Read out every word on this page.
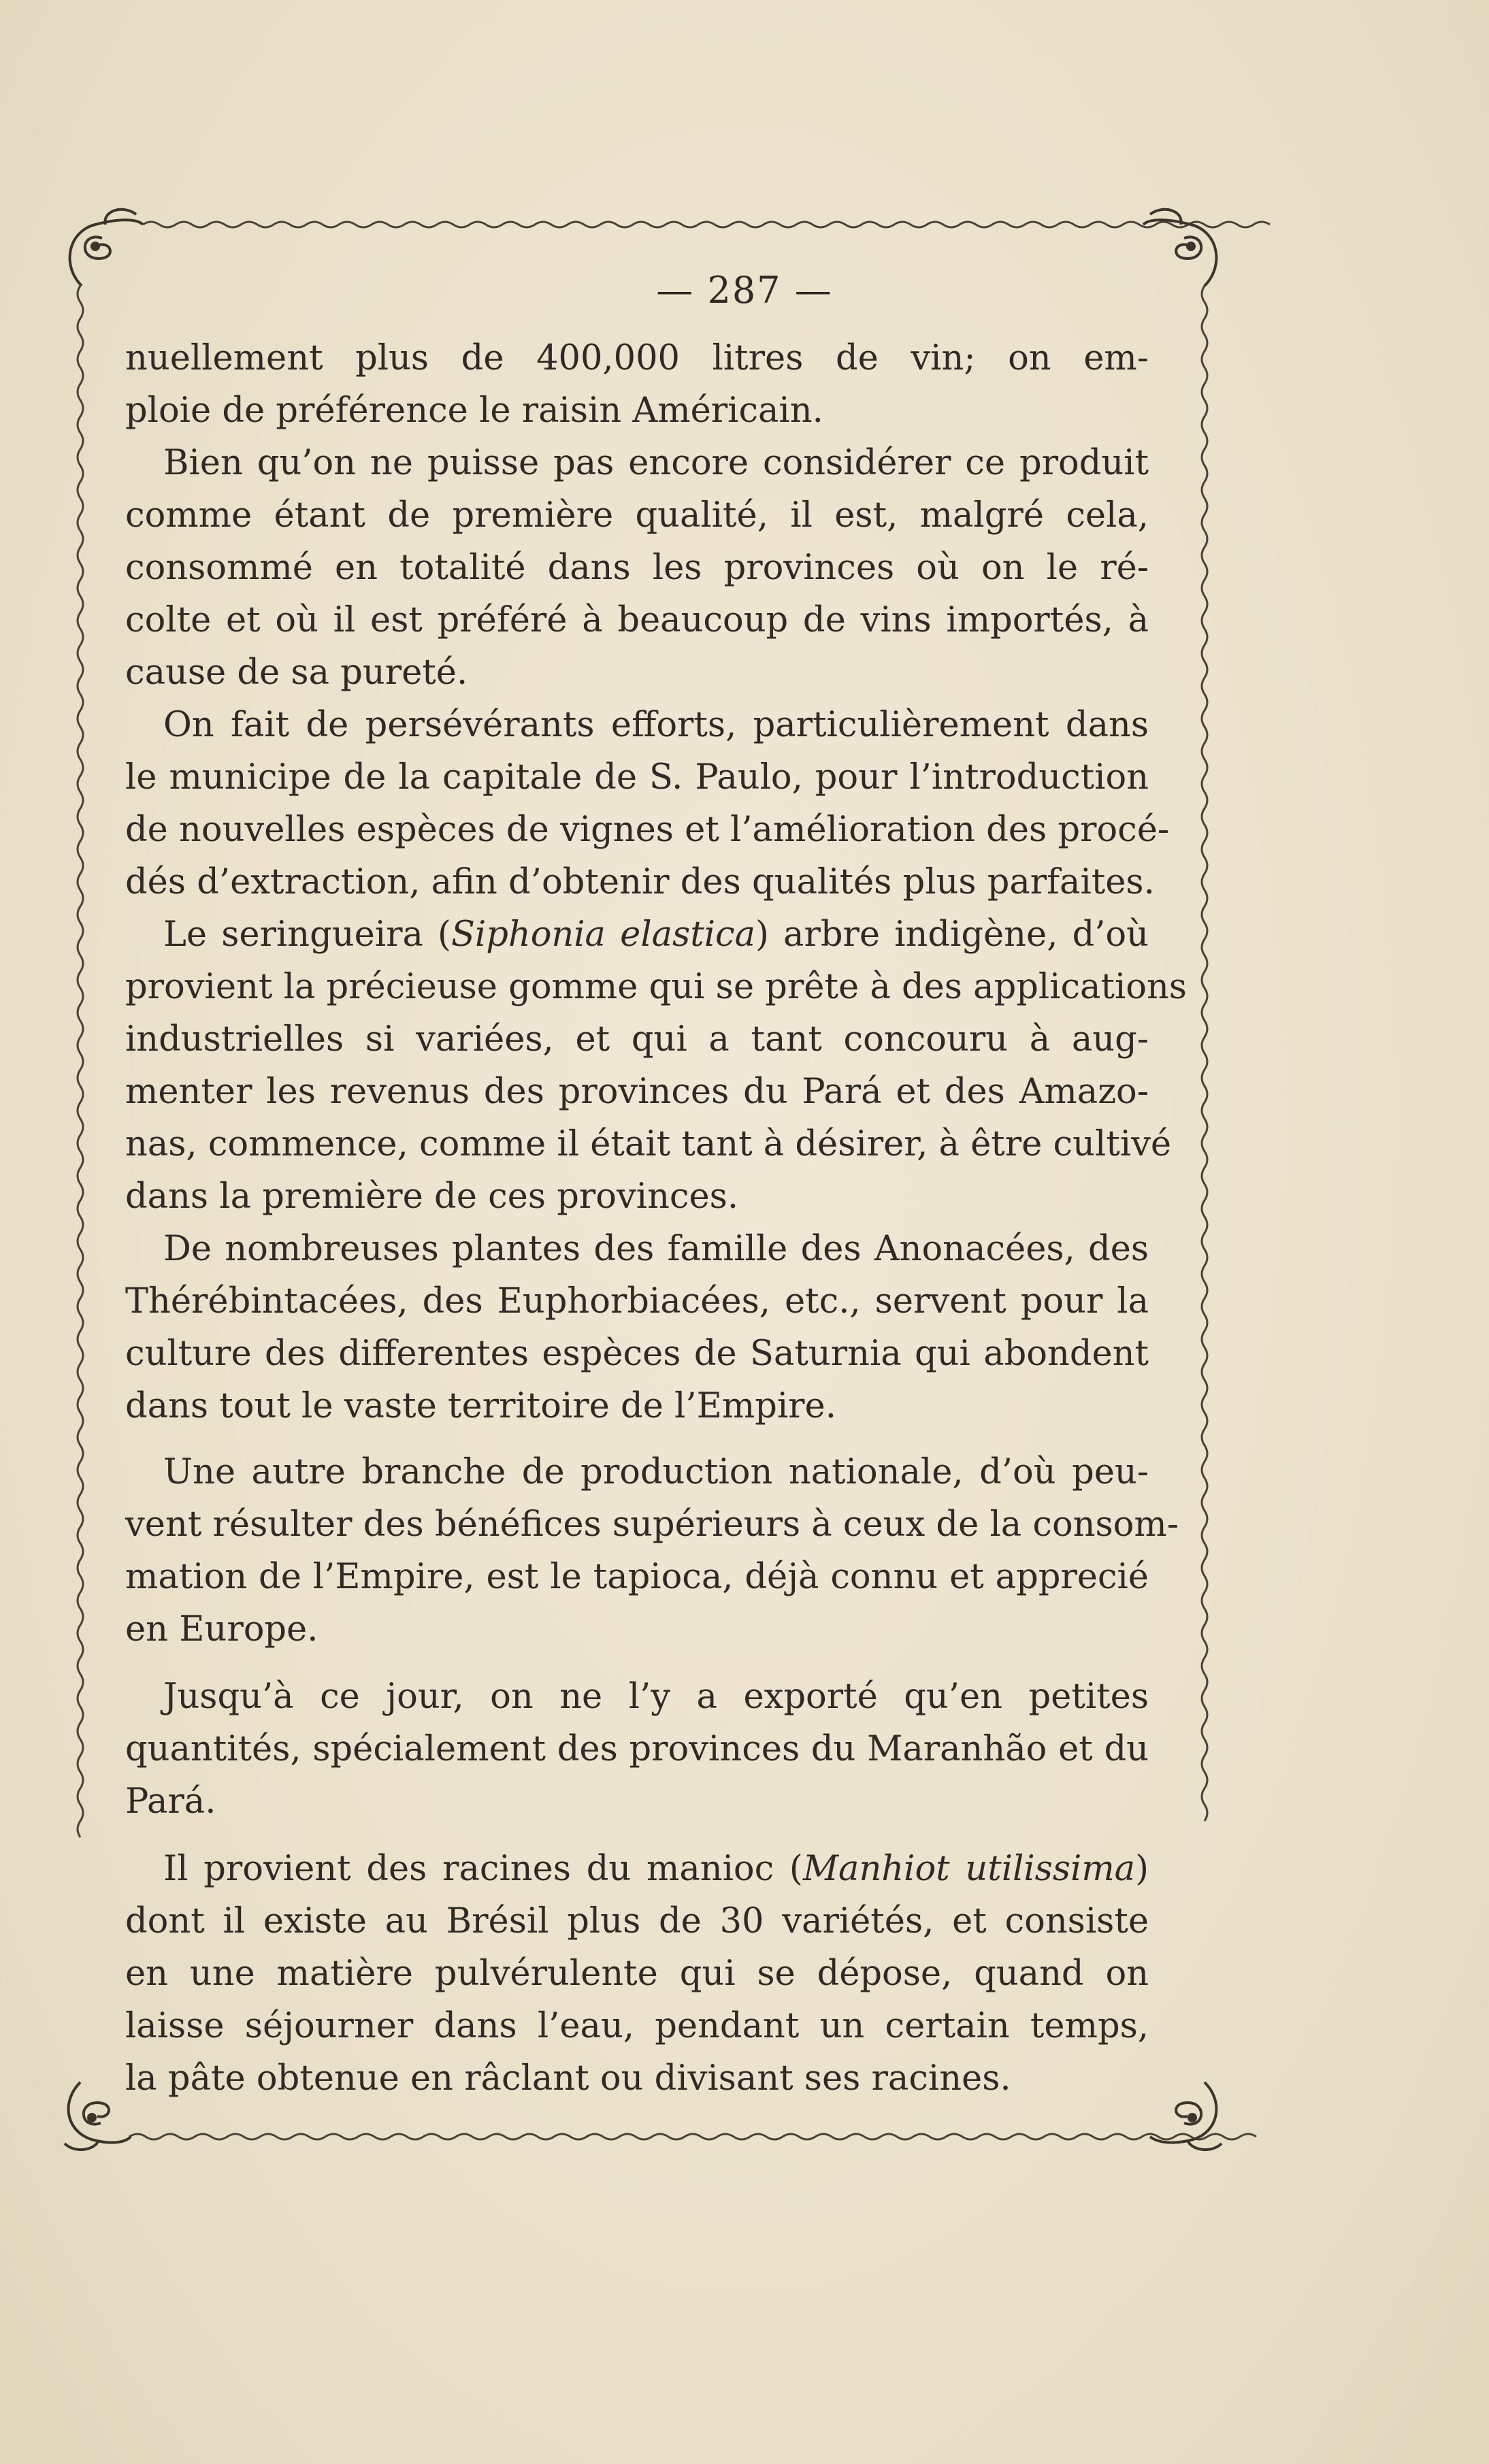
— 287 —
nuellement plus de 400,000 litres de vin; on em-
ploie de préférence le raisin Américain.
Bien qu’on ne puisse pas encore considérer ce produit
comme étant de première qualité, il est, malgré cela,
consommé en totalité dans les provinces où on le ré-
colte et où il est préféré à beaucoup de vins importés, à
cause de sa pureté.
On fait de persévérants efforts, particulièrement dans
le municipe de la capitale de S. Paulo, pour l’introduction
de nouvelles espèces de vignes et l’amélioration des procé-
dés d’extraction, afin d’obtenir des qualités plus parfaites.
Le seringueira (Siphonia elastica) arbre indigène, d’où
provient la précieuse gomme qui se prête à des applications
industrielles si variées, et qui a tant concouru à aug-
menter les revenus des provinces du Pará et des Amazo-
nas, commence, comme il était tant à désirer, à être cultivé
dans la première de ces provinces.
De nombreuses plantes des famille des Anonacées, des
Thérébintacées, des Euphorbiacées, etc., servent pour la
culture des differentes espèces de Saturnia qui abondent
dans tout le vaste territoire de l’Empire.
Une autre branche de production nationale, d’où peu-
vent résulter des bénéfices supérieurs à ceux de la consom-
mation de l’Empire, est le tapioca, déjà connu et apprecié
en Europe.
Jusqu’à ce jour, on ne l’y a exporté qu’en petites
quantités, spécialement des provinces du Maranhão et du
Pará.
Il provient des racines du manioc (Manhiot utilissima)
dont il existe au Brésil plus de 30 variétés, et consiste
en une matière pulvérulente qui se dépose, quand on
laisse séjourner dans l’eau, pendant un certain temps,
la pâte obtenue en râclant ou divisant ses racines.
